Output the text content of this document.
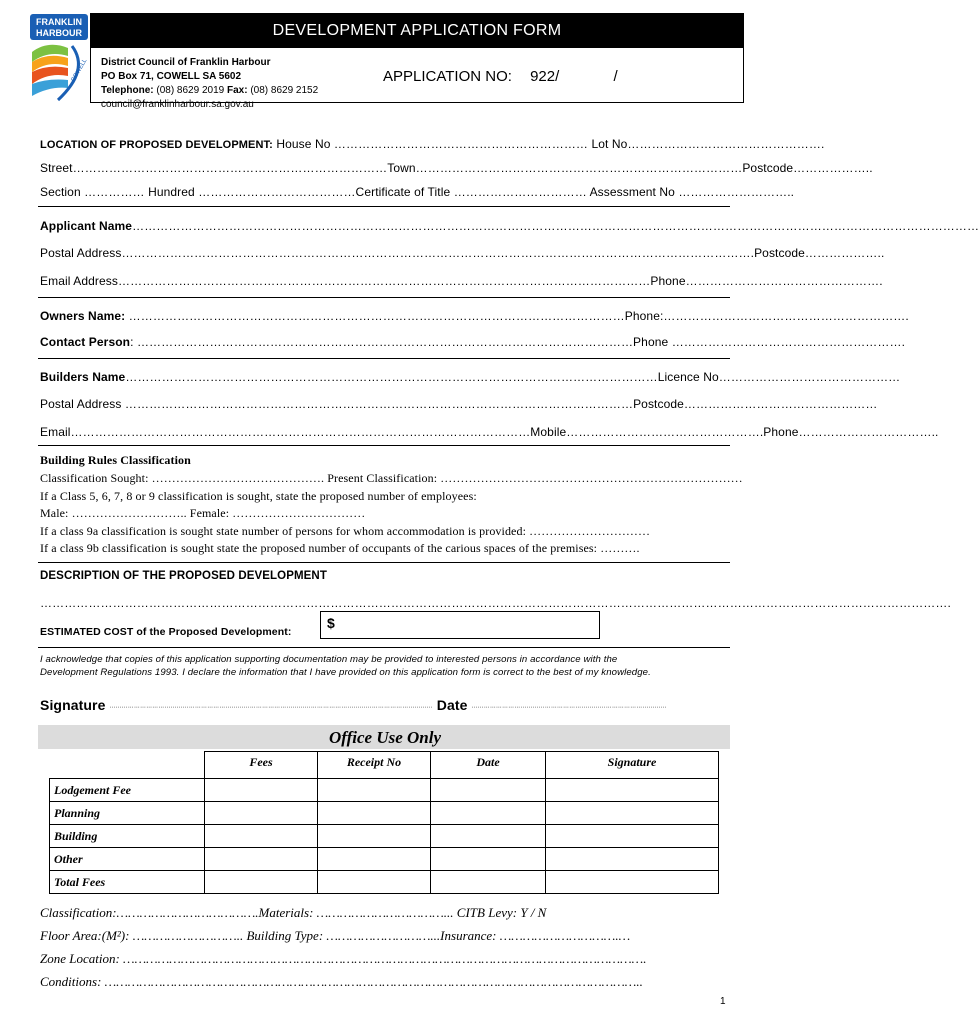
FRANKLIN
HARBOUR
COWELL
DEVELOPMENT APPLICATION FORM
District Council of Franklin Harbour
PO Box 71, COWELL SA 5602
Telephone: (08) 8629 2019 Fax: (08) 8629 2152
council@franklinharbour.sa.gov.au
APPLICATION NO: 922/	/
LOCATION OF PROPOSED DEVELOPMENT: House No ……………………………………………………… Lot No………………………………………….
Street……………………………………………………………………Town………………………………………………………………………Postcode………………..
Section …………… Hundred …………………………………Certificate of Title …………………………… Assessment No ………………………..
Applicant Name…………………………………………………………………………………………………………………………………………………………………………………………
Postal Address………………………………………………………………………………………………………………………………………….Postcode………………..
Email Address……………………………………………………………………………………………………………………Phone………………………………………….
Owners Name: ……………………………………………………………………………………………………………Phone:…………………………………………………….
Contact Person: ……………………………………………………………………………………………………………Phone ………………………………………………….
Builders Name……………………………………………………………………………………………………………………Licence No………………………………………
Postal Address ………………………………………………………………………………………………………………Postcode…………………………………………
Email……………………………………………………………………………………………………Mobile………………………………………….Phone……………………………..
Building Rules Classification
Classification Sought: ……………………………………. Present Classification: …………………………………………………………………
If a Class 5, 6, 7, 8 or 9 classification is sought, state the proposed number of employees:
Male: ……………………….. Female: ……………………………
If a class 9a classification is sought state number of persons for whom accommodation is provided: …………………………
If a class 9b classification is sought state the proposed number of occupants of the carious spaces of the premises: ……….
DESCRIPTION OF THE PROPOSED DEVELOPMENT
……………………………………………………………………………………………………………………………………………………………………………………………………….
ESTIMATED COST of the Proposed Development:
$
I acknowledge that copies of this application supporting documentation may be provided to interested persons in accordance with the
Development Regulations 1993. I declare the information that I have provided on this application form is correct to the best of my knowledge.
Signature …………………………………………………………………………………………………………………………………………… Date ……………………………………………………………………………………
Office Use Only
	Fees	Receipt No	Date	Signature
Lodgement Fee				
Planning				
Building				
Other				
Total Fees				
Classification:……………………………….Materials: ……………………………... CITB Levy: Y / N
Floor Area:(M²): ……………………….. Building Type: ………………………...Insurance: ………………………….…
Zone Location: ……………………………………………………………………………………………………………………….
Conditions: …………………………………………………………………………………………………………………………..
1
